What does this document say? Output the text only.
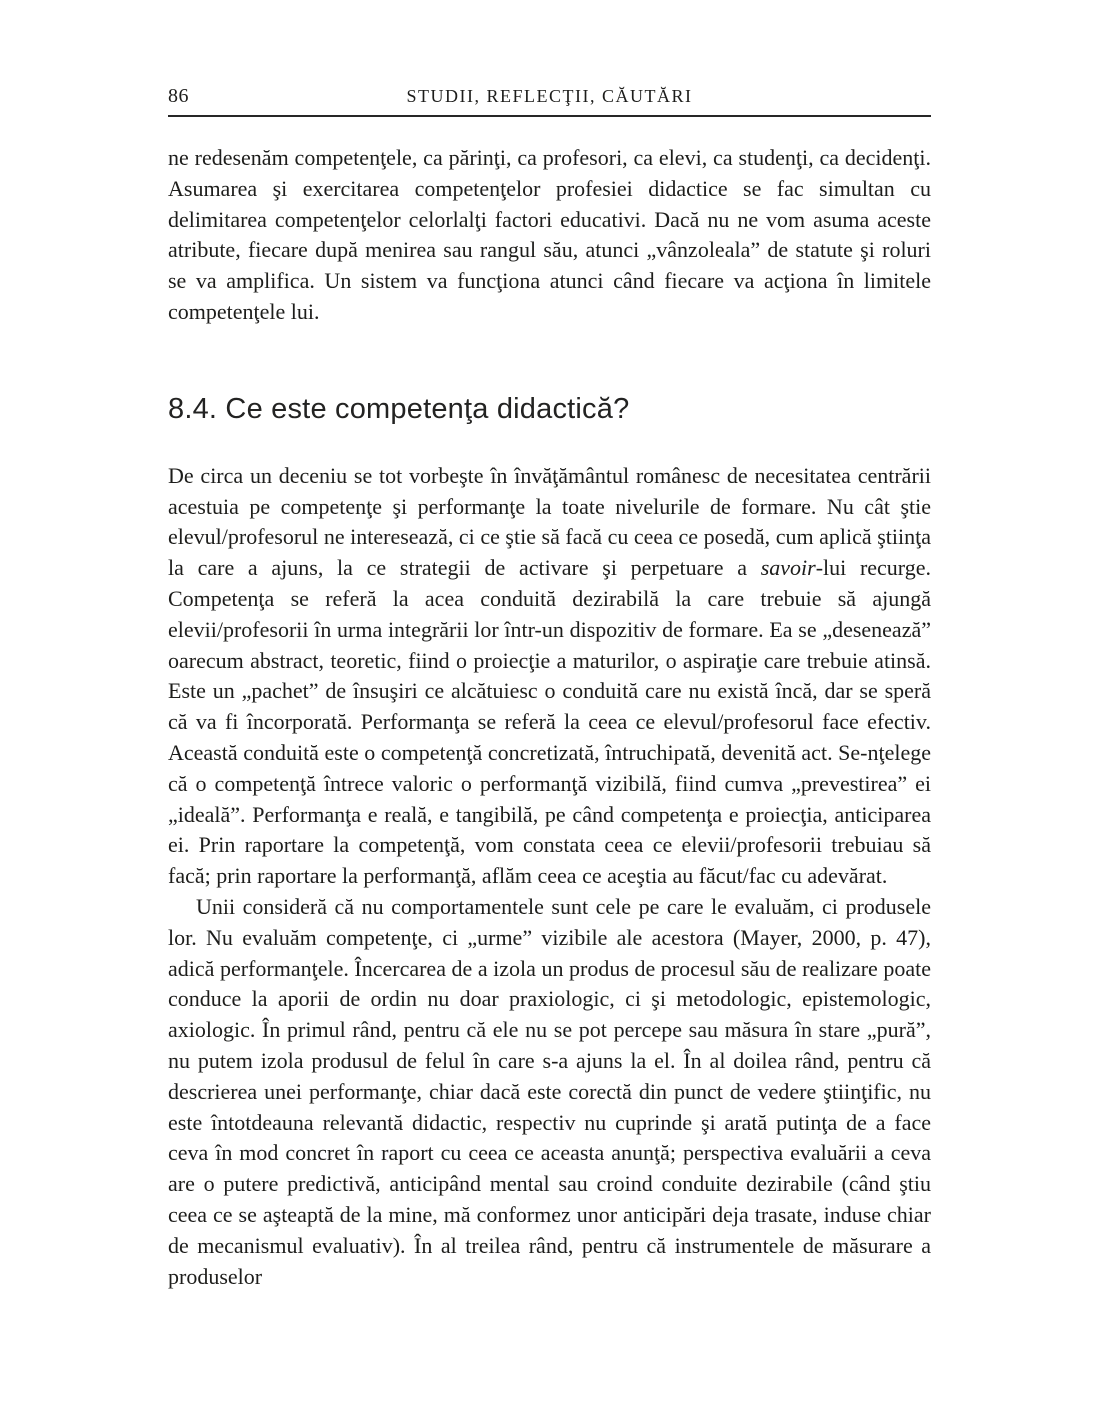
86	STUDII, REFLECŢII, CĂUTĂRI

ne redesenăm competenţele, ca părinţi, ca profesori, ca elevi, ca studenţi, ca decidenţi. Asumarea şi exercitarea competenţelor profesiei didactice se fac simultan cu delimitarea competenţelor celorlalţi factori educativi. Dacă nu ne vom asuma aceste atribute, fiecare după menirea sau rangul său, atunci „vânzoleala” de statute şi roluri se va amplifica. Un sistem va funcţiona atunci când fiecare va acţiona în limitele competenţele lui.

8.4. Ce este competenţa didactică?

De circa un deceniu se tot vorbeşte în învăţământul românesc de necesitatea centrării acestuia pe competenţe şi performanţe la toate nivelurile de formare. Nu cât ştie elevul/profesorul ne interesează, ci ce ştie să facă cu ceea ce posedă, cum aplică ştiinţa la care a ajuns, la ce strategii de activare şi perpetuare a savoir-lui recurge. Competenţa se referă la acea conduită dezirabilă la care trebuie să ajungă elevii/profesorii în urma integrării lor într-un dispozitiv de formare. Ea se „desenează” oarecum abstract, teoretic, fiind o proiecţie a maturilor, o aspiraţie care trebuie atinsă. Este un „pachet” de însuşiri ce alcătuiesc o conduită care nu există încă, dar se speră că va fi încorporată. Performanţa se referă la ceea ce elevul/profesorul face efectiv. Această conduită este o competenţă concretizată, întruchipată, devenită act. Se-nţelege că o competenţă întrece valoric o performanţă vizibilă, fiind cumva „prevestirea” ei „ideală”. Performanţa e reală, e tangibilă, pe când competenţa e proiecţia, anticiparea ei. Prin raportare la competenţă, vom constata ceea ce elevii/profesorii trebuiau să facă; prin raportare la performanţă, aflăm ceea ce aceştia au făcut/fac cu adevărat.

Unii consideră că nu comportamentele sunt cele pe care le evaluăm, ci produsele lor. Nu evaluăm competenţe, ci „urme” vizibile ale acestora (Mayer, 2000, p. 47), adică performanţele. Încercarea de a izola un produs de procesul său de realizare poate conduce la aporii de ordin nu doar praxiologic, ci şi metodologic, epistemologic, axiologic. În primul rând, pentru că ele nu se pot percepe sau măsura în stare „pură”, nu putem izola produsul de felul în care s-a ajuns la el. În al doilea rând, pentru că descrierea unei performanţe, chiar dacă este corectă din punct de vedere ştiinţific, nu este întotdeauna relevantă didactic, respectiv nu cuprinde şi arată putinţa de a face ceva în mod concret în raport cu ceea ce aceasta anunţă; perspectiva evaluării a ceva are o putere predictivă, anticipând mental sau croind conduite dezirabile (când ştiu ceea ce se aşteaptă de la mine, mă conformez unor anticipări deja trasate, induse chiar de mecanismul evaluativ). În al treilea rând, pentru că instrumentele de măsurare a produselor
